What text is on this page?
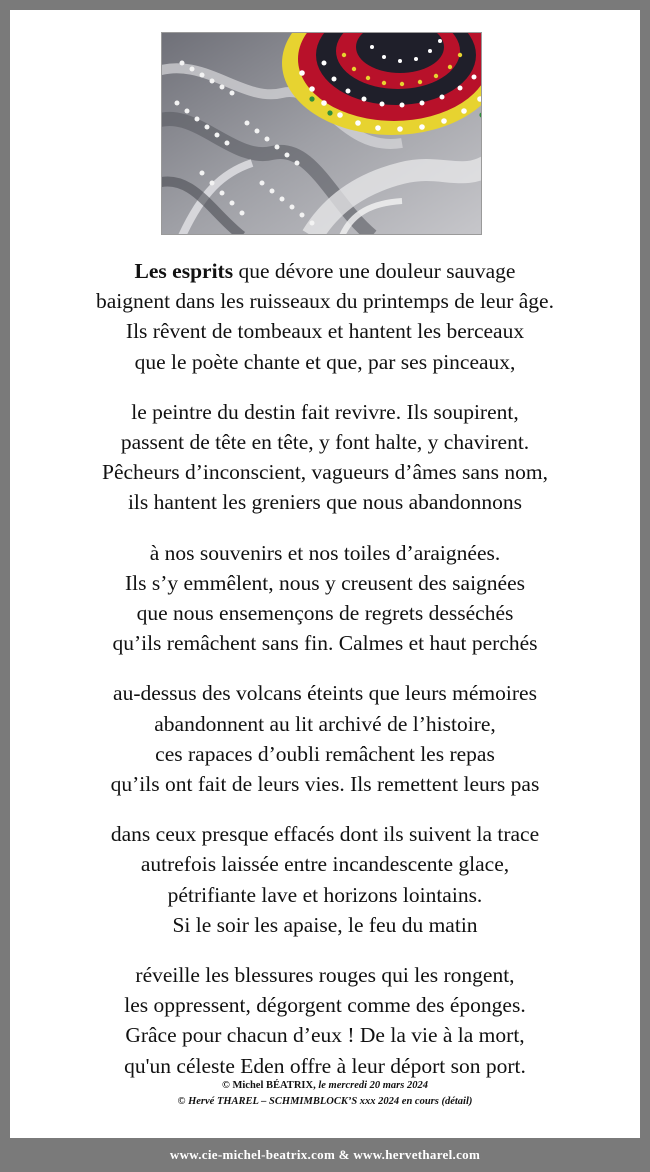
Les esprits que dévore une douleur sauvage
baignent dans les ruisseaux du printemps de leur âge.
Ils rêvent de tombeaux et hantent les berceaux
que le poète chante et que, par ses pinceaux,
le peintre du destin fait revivre. Ils soupirent,
passent de tête en tête, y font halte, y chavirent.
Pêcheurs d’inconscient, vagueurs d’âmes sans nom,
ils hantent les greniers que nous abandonnons
à nos souvenirs et nos toiles d’araignées.
Ils s’y emmêlent, nous y creusent des saignées
que nous ensemençons de regrets desséchés
qu’ils remâchent sans fin. Calmes et haut perchés
au-dessus des volcans éteints que leurs mémoires
abandonnent au lit archivé de l’histoire,
ces rapaces d’oubli remâchent les repas
qu’ils ont fait de leurs vies. Ils remettent leurs pas
dans ceux presque effacés dont ils suivent la trace
autrefois laissée entre incandescente glace,
pétrifiante lave et horizons lointains.
Si le soir les apaise, le feu du matin
réveille les blessures rouges qui les rongent,
les oppressent, dégorgent comme des éponges.
Grâce pour chacun d’eux ! De la vie à la mort,
qu'un céleste Eden offre à leur déport son port.
© Michel BÉATRIX, le mercredi 20 mars 2024
© Hervé THAREL – SCHMIMBLOCK’S xxx 2024 en cours (détail)
www.cie-michel-beatrix.com & www.hervetharel.com
